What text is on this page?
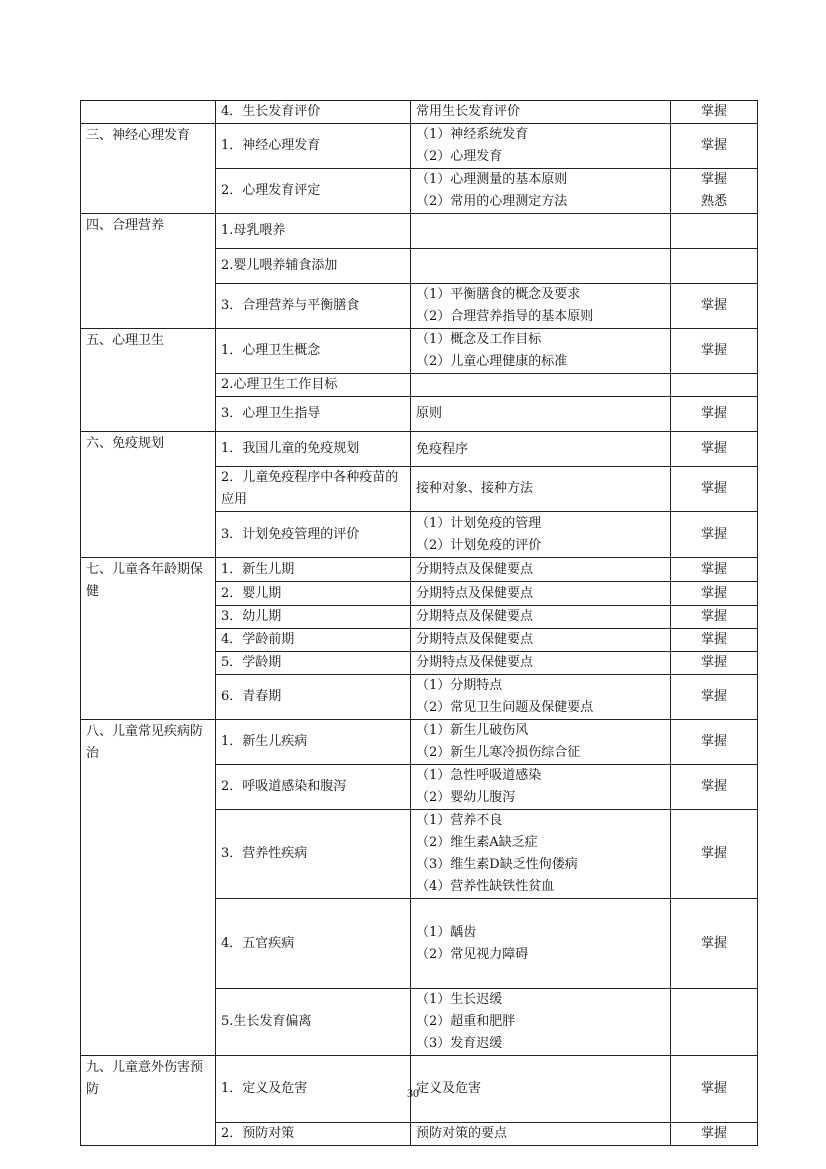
	4．生长发育评价	常用生长发育评价	掌握

三、神经心理发育	1．神经心理发育	（1）神经系统发育
（2）心理发育	掌握

	2．心理发育评定	（1）心理测量的基本原则
（2）常用的心理测定方法	掌握
熟悉

四、合理营养	1.母乳喂养		
	2.婴儿喂养辅食添加		
	3．合理营养与平衡膳食	（1）平衡膳食的概念及要求
（2）合理营养指导的基本原则	掌握

五、心理卫生	1．心理卫生概念	（1）概念及工作目标
（2）儿童心理健康的标准	掌握

	2.心理卫生工作目标		
	3．心理卫生指导	原则	掌握

六、免疫规划	1．我国儿童的免疫规划	免疫程序	掌握

	2．儿童免疫程序中各种疫苗的应用	接种对象、接种方法	掌握

	3．计划免疫管理的评价	（1）计划免疫的管理
（2）计划免疫的评价	掌握

七、儿童各年龄期保健	1．新生儿期	分期特点及保健要点	掌握

	2．婴儿期	分期特点及保健要点	掌握

	3．幼儿期	分期特点及保健要点	掌握

	4．学龄前期	分期特点及保健要点	掌握

	5．学龄期	分期特点及保健要点	掌握

	6．青春期	（1）分期特点
（2）常见卫生问题及保健要点	掌握

八、儿童常见疾病防治	1．新生儿疾病	（1）新生儿破伤风
（2）新生儿寒冷损伤综合征	掌握

	2．呼吸道感染和腹泻	（1）急性呼吸道感染
（2）婴幼儿腹泻	掌握

	3．营养性疾病	（1）营养不良
（2）维生素A缺乏症
（3）维生素D缺乏性佝偻病
（4）营养性缺铁性贫血	掌握

	4．五官疾病	（1）龋齿
（2）常见视力障碍	掌握

	5.生长发育偏离	（1）生长迟缓
（2）超重和肥胖
（3）发育迟缓	

九、儿童意外伤害预防	1．定义及危害	定义及危害	掌握

	2．预防对策	预防对策的要点	掌握
30
